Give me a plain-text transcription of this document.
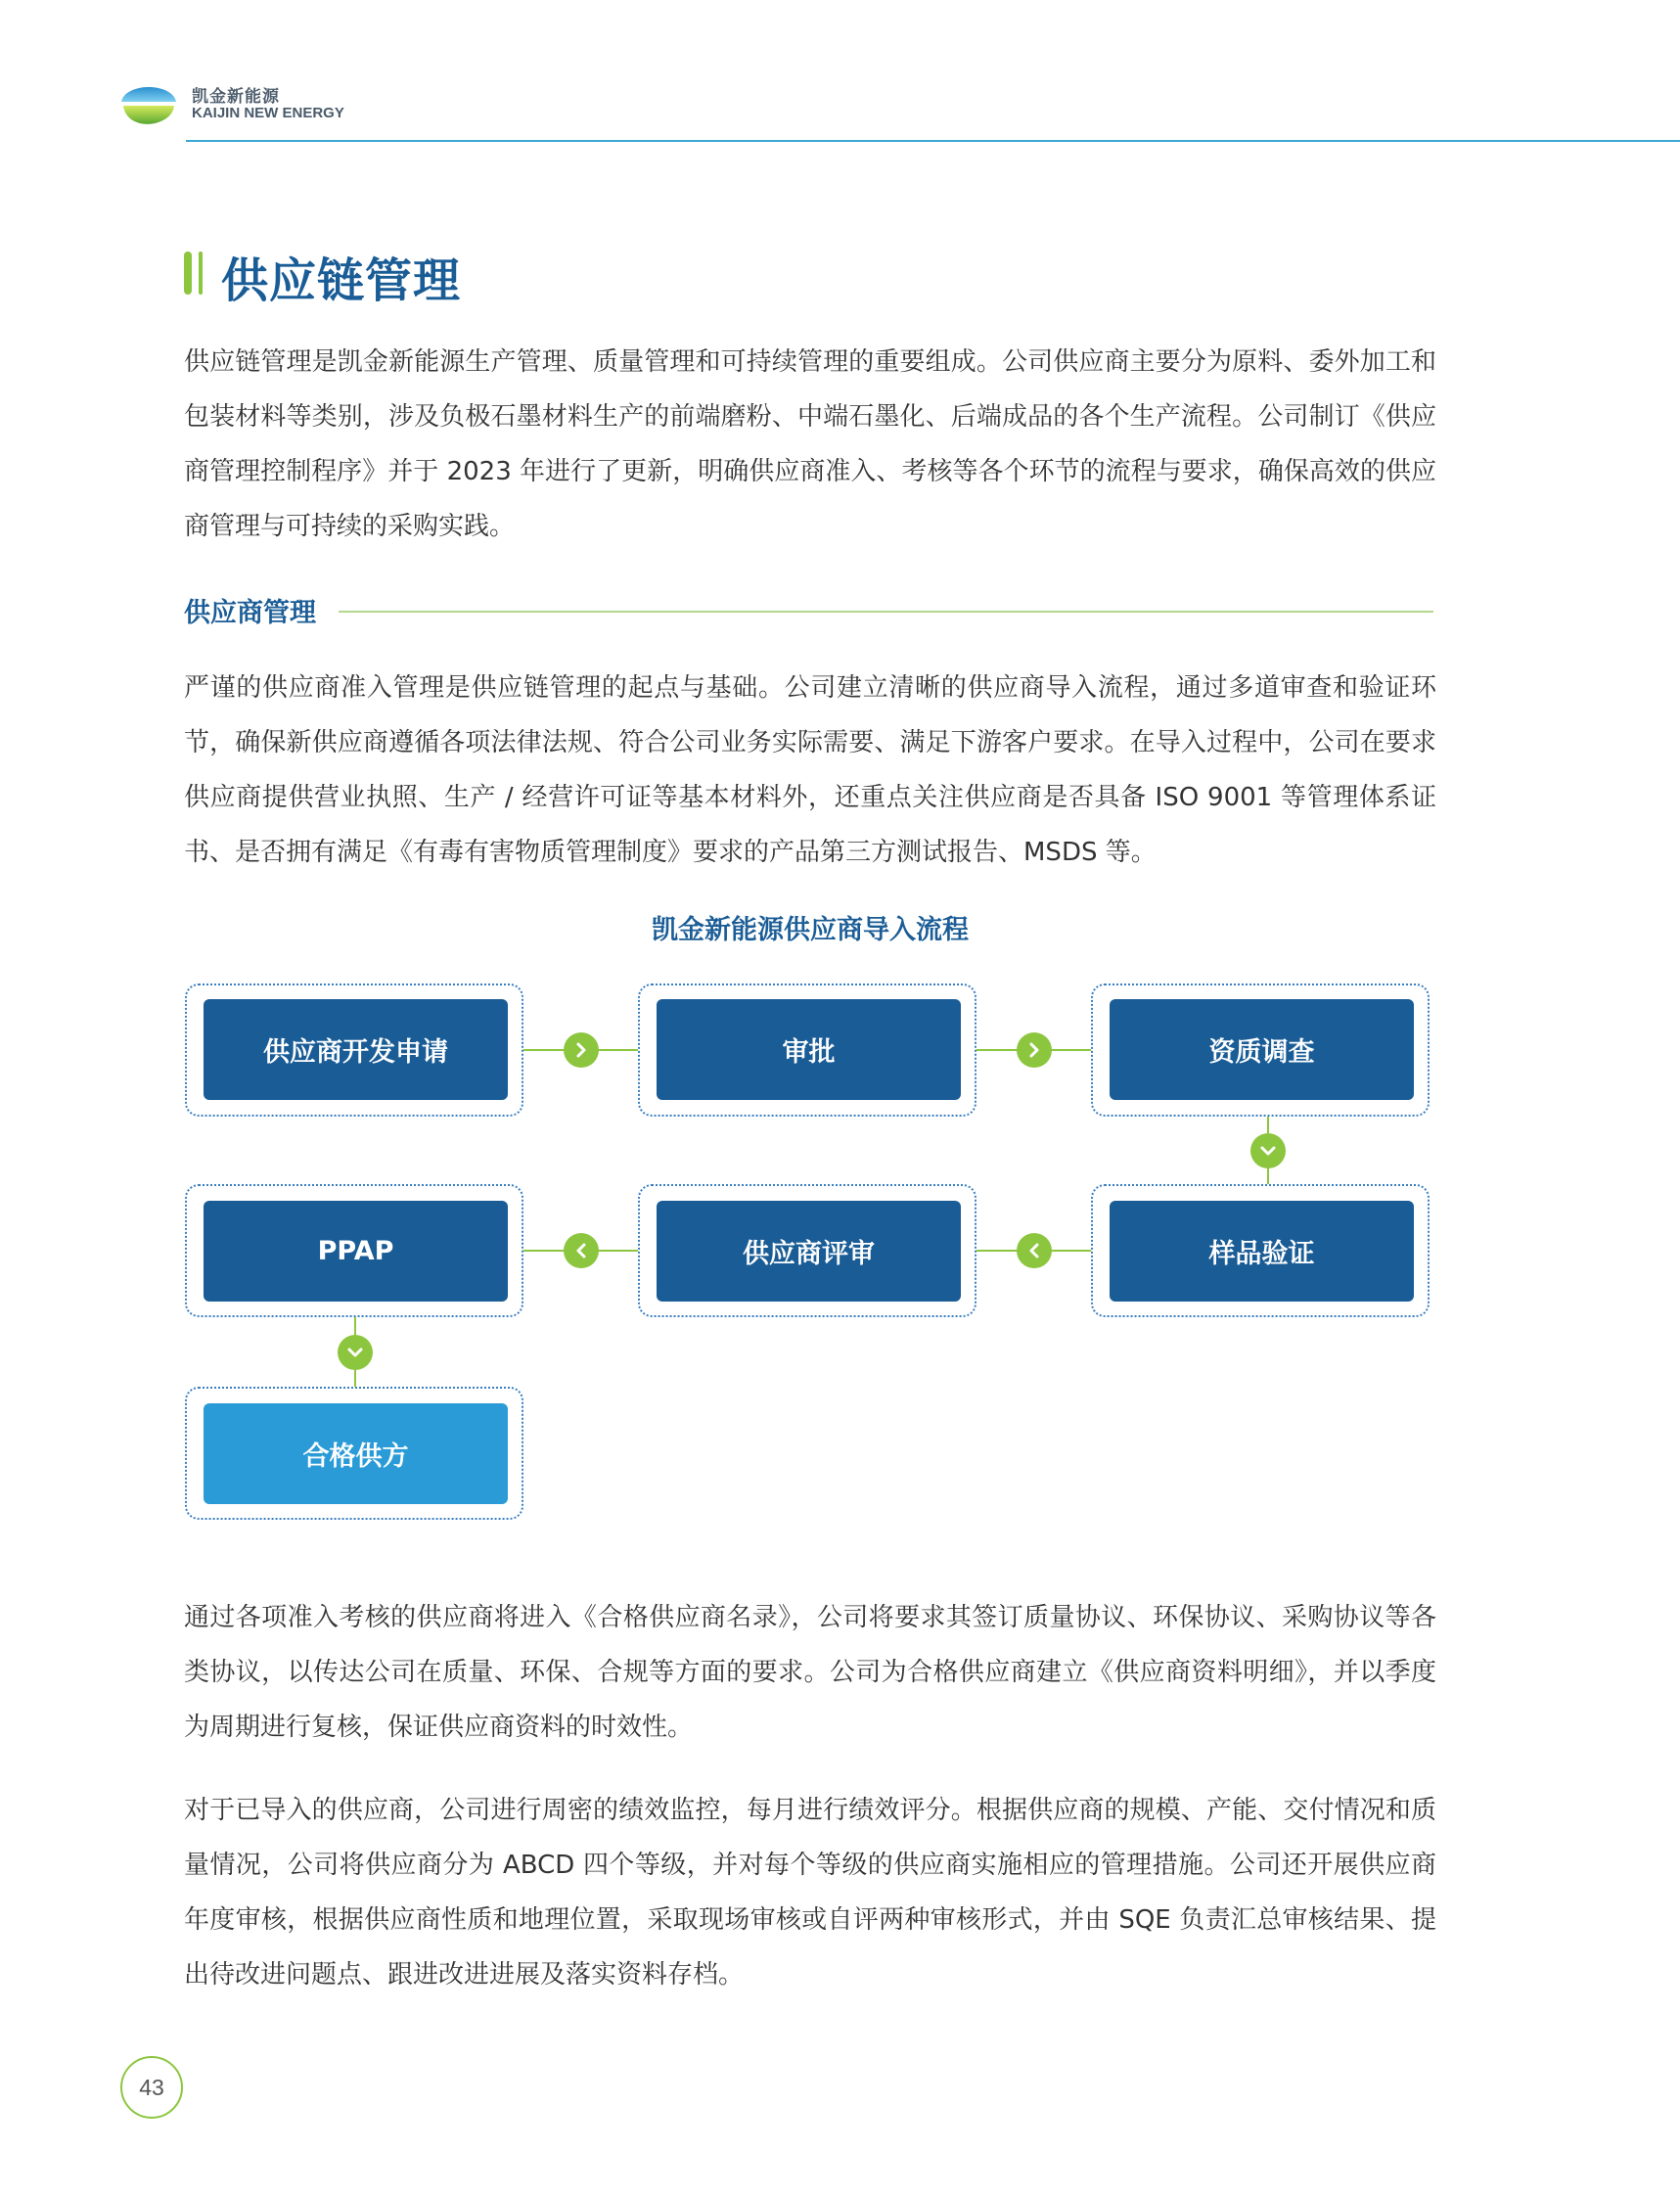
凯金新能源
KAIJIN NEW ENERGY
供应链管理

供应链管理是凯金新能源生产管理、质量管理和可持续管理的重要组成。公司供应商主要分为原料、委外加工和包装材料等类别，涉及负极石墨材料生产的前端磨粉、中端石墨化、后端成品的各个生产流程。公司制订《供应商管理控制程序》并于 2023 年进行了更新，明确供应商准入、考核等各个环节的流程与要求，确保高效的供应商管理与可持续的采购实践。

供应商管理

严谨的供应商准入管理是供应链管理的起点与基础。公司建立清晰的供应商导入流程，通过多道审查和验证环节，确保新供应商遵循各项法律法规、符合公司业务实际需要、满足下游客户要求。在导入过程中，公司在要求供应商提供营业执照、生产 / 经营许可证等基本材料外，还重点关注供应商是否具备 ISO 9001 等管理体系证书、是否拥有满足《有毒有害物质管理制度》要求的产品第三方测试报告、MSDS 等。

凯金新能源供应商导入流程
供应商开发申请	审批	资质调查
样品验证
供应商评审
PPAP
合格供方

通过各项准入考核的供应商将进入《合格供应商名录》，公司将要求其签订质量协议、环保协议、采购协议等各类协议，以传达公司在质量、环保、合规等方面的要求。公司为合格供应商建立《供应商资料明细》，并以季度为周期进行复核，保证供应商资料的时效性。

对于已导入的供应商，公司进行周密的绩效监控，每月进行绩效评分。根据供应商的规模、产能、交付情况和质量情况，公司将供应商分为 ABCD 四个等级，并对每个等级的供应商实施相应的管理措施。公司还开展供应商年度审核，根据供应商性质和地理位置，采取现场审核或自评两种审核形式，并由 SQE 负责汇总审核结果、提出待改进问题点、跟进改进进展及落实资料存档。

43
